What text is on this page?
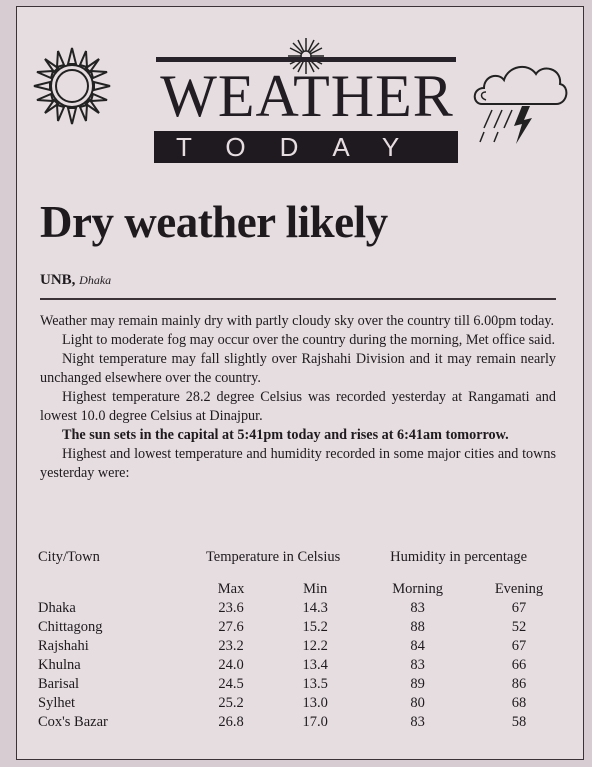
WEATHER
TODAY
Dry weather likely
UNB, Dhaka

Weather may remain mainly dry with partly cloudy sky over the country till 6.00pm today.

Light to moderate fog may occur over the country during the morning, Met office said.

Night temperature may fall slightly over Rajshahi Division and it may remain nearly unchanged elsewhere over the country.

Highest temperature 28.2 degree Celsius was recorded yesterday at Rangamati and lowest 10.0 degree Celsius at Dinajpur.

The sun sets in the capital at 5:41pm today and rises at 6:41am tomorrow.

Highest and lowest temperature and humidity recorded in some major cities and towns yesterday were:

City/Town	Temperature in Celsius		Humidity in percentage	

	Max	Min	Morning	Evening
Dhaka	23.6	14.3	83	67
Chittagong	27.6	15.2	88	52
Rajshahi	23.2	12.2	84	67
Khulna	24.0	13.4	83	66
Barisal	24.5	13.5	89	86
Sylhet	25.2	13.0	80	68
Cox's Bazar	26.8	17.0	83	58
